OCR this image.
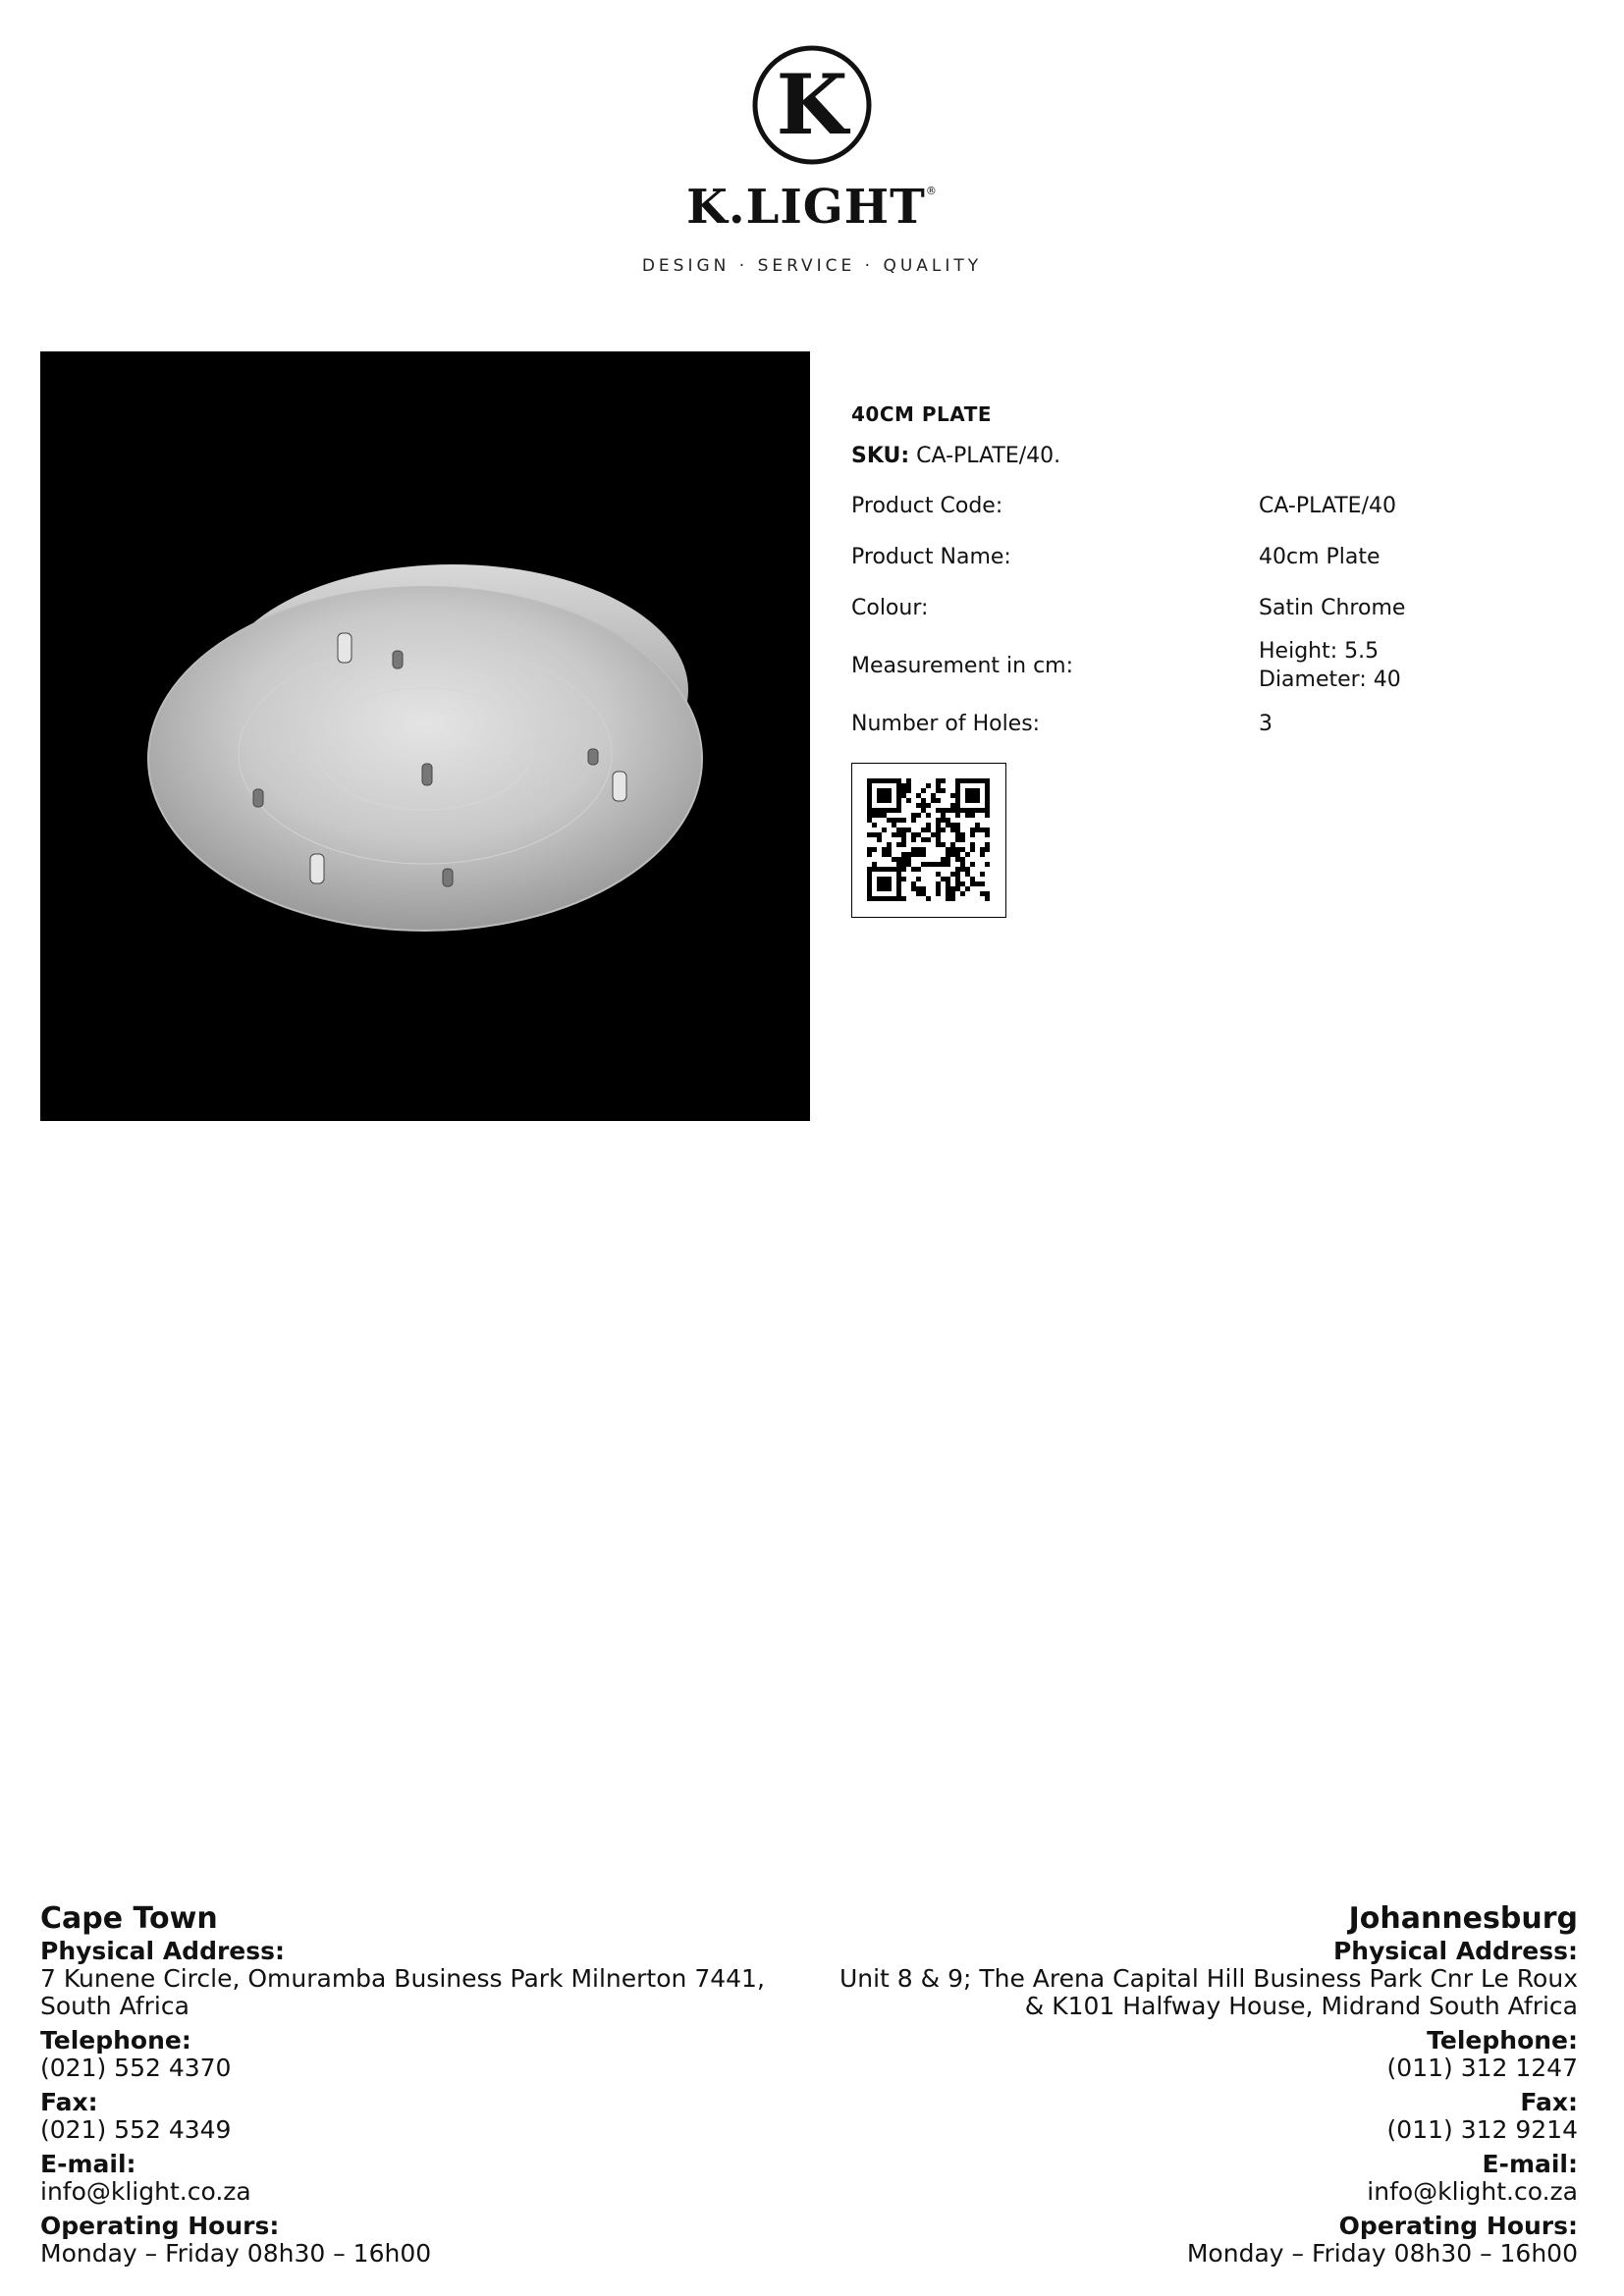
K
K.LIGHT®
DESIGN · SERVICE · QUALITY
40CM PLATE
SKU: CA-PLATE/40.
Product Code:	CA-PLATE/40
Product Name:	40cm Plate
Colour:	Satin Chrome
Measurement in cm:	Height: 5.5
Diameter: 40

Number of Holes:	3
Cape Town
Physical Address:
7 Kunene Circle, Omuramba Business Park Milnerton 7441,
South Africa
Telephone:
(021) 552 4370
Fax:
(021) 552 4349
E-mail:
info@klight.co.za
Operating Hours:
Monday – Friday 08h30 – 16h00
Johannesburg
Physical Address:
Unit 8 & 9; The Arena Capital Hill Business Park Cnr Le Roux
& K101 Halfway House, Midrand South Africa
Telephone:
(011) 312 1247
Fax:
(011) 312 9214
E-mail:
info@klight.co.za
Operating Hours:
Monday – Friday 08h30 – 16h00
